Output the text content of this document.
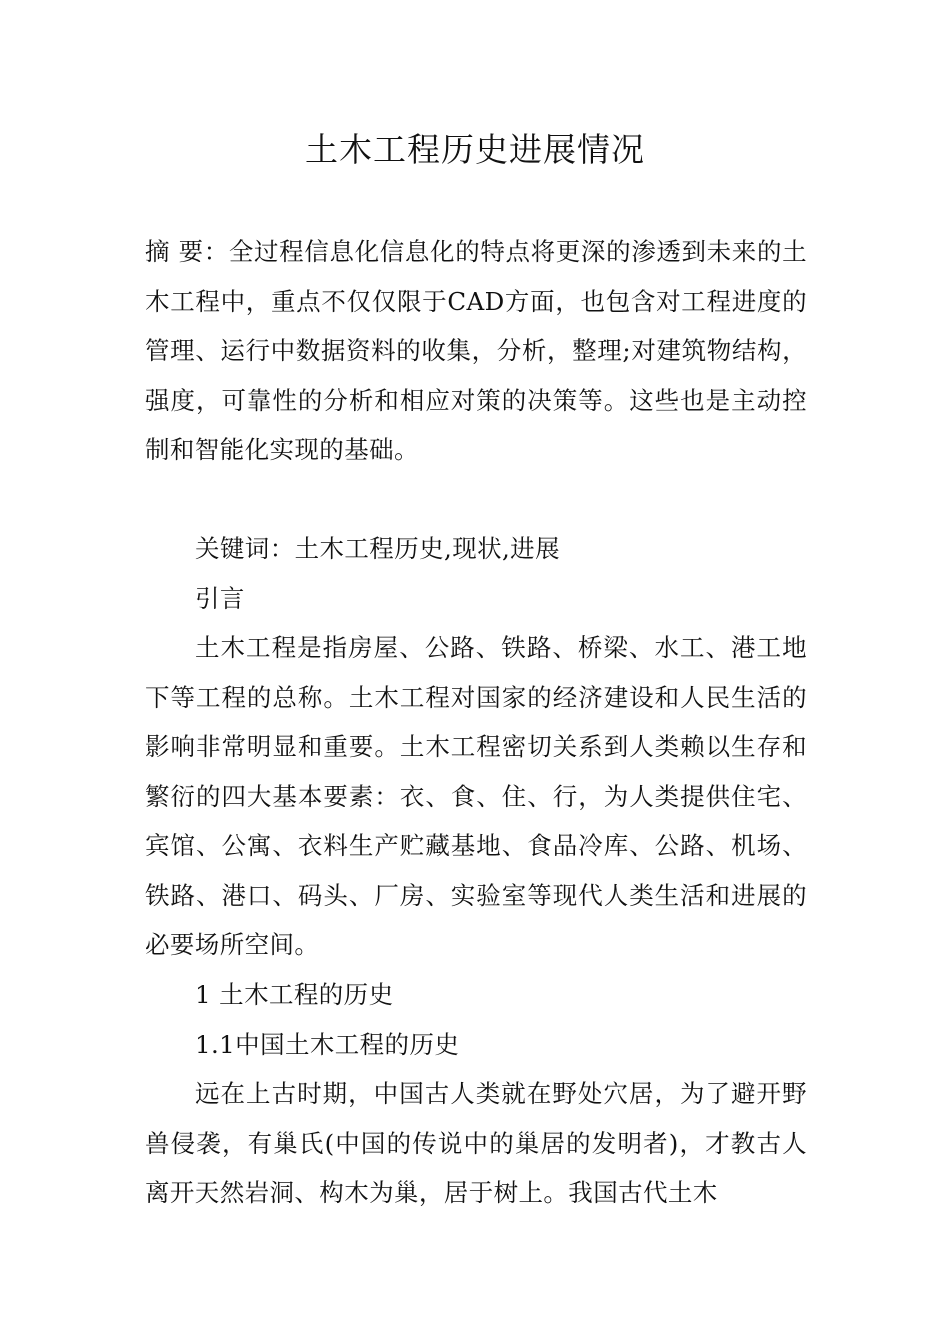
土木工程历史进展情况

摘 要：全过程信息化信息化的特点将更深的渗透到未来的土木工程中，重点不仅仅限于CAD方面，也包含对工程进度的管理、运行中数据资料的收集，分析，整理;对建筑物结构，强度，可靠性的分析和相应对策的决策等。这些也是主动控制和智能化实现的基础。

关键词：土木工程历史,现状,进展

引言

土木工程是指房屋、公路、铁路、桥梁、水工、港工地下等工程的总称。土木工程对国家的经济建设和人民生活的影响非常明显和重要。土木工程密切关系到人类赖以生存和繁衍的四大基本要素：衣、食、住、行，为人类提供住宅、宾馆、公寓、衣料生产贮藏基地、食品冷库、公路、机场、铁路、港口、码头、厂房、实验室等现代人类生活和进展的必要场所空间。

1 土木工程的历史

1.1中国土木工程的历史

远在上古时期，中国古人类就在野处穴居，为了避开野兽侵袭，有巢氏(中国的传说中的巢居的发明者)，才教古人离开天然岩洞、构木为巢，居于树上。我国古代土木
